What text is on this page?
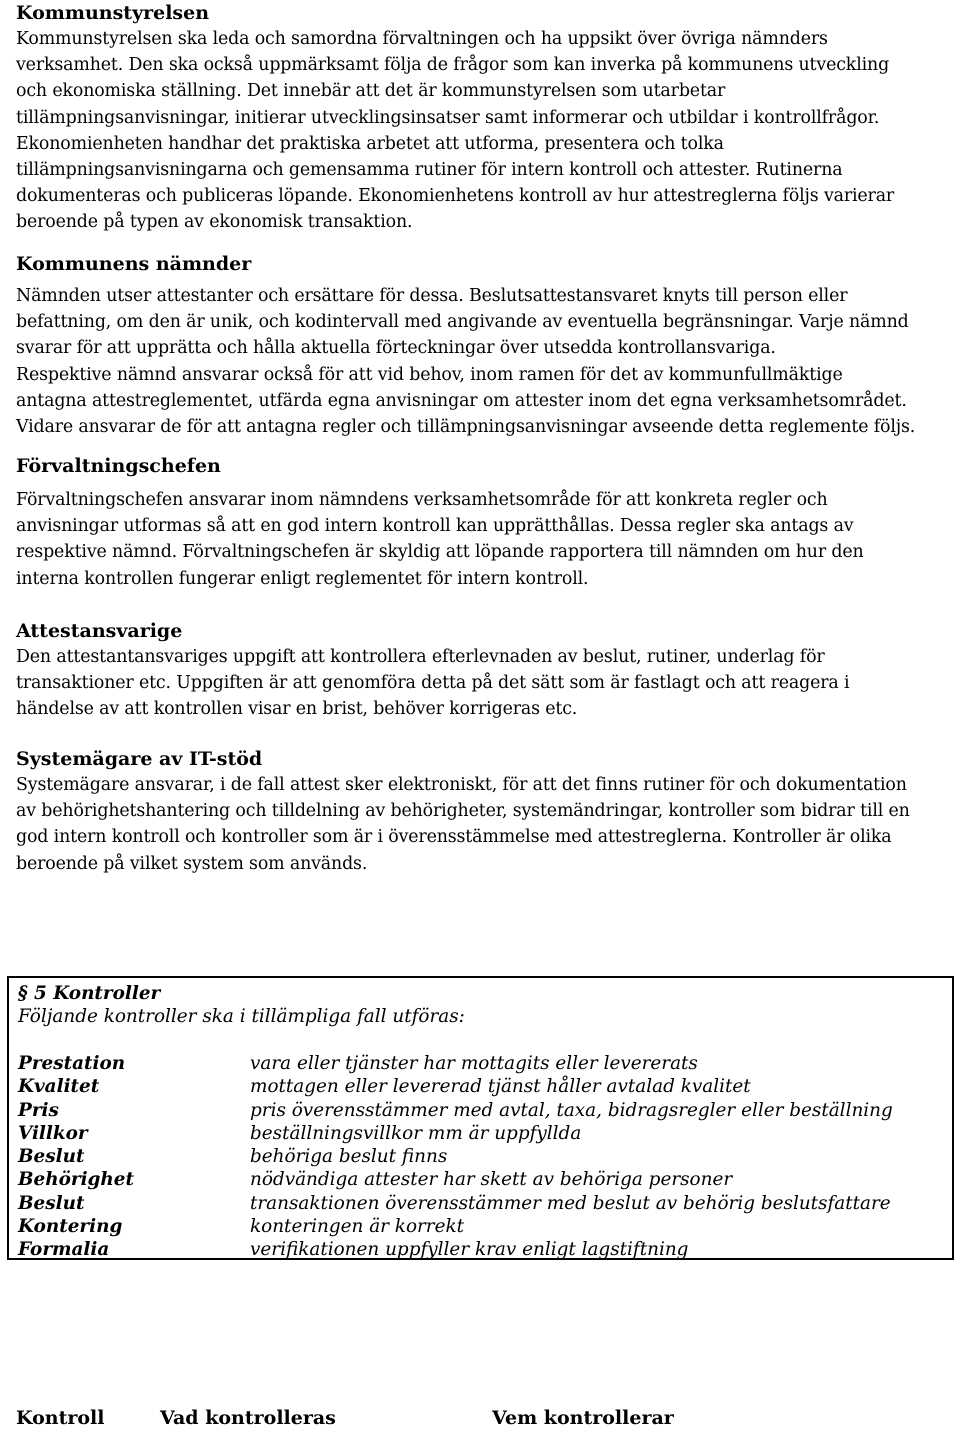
Kommunstyrelsen

Kommunstyrelsen ska leda och samordna förvaltningen och ha uppsikt över övriga nämnders
verksamhet. Den ska också uppmärksamt följa de frågor som kan inverka på kommunens utveckling
och ekonomiska ställning. Det innebär att det är kommunstyrelsen som utarbetar
tillämpningsanvisningar, initierar utvecklingsinsatser samt informerar och utbildar i kontrollfrågor.
Ekonomienheten handhar det praktiska arbetet att utforma, presentera och tolka
tillämpningsanvisningarna och gemensamma rutiner för intern kontroll och attester. Rutinerna
dokumenteras och publiceras löpande. Ekonomienhetens kontroll av hur attestreglerna följs varierar
beroende på typen av ekonomisk transaktion.

Kommunens nämnder

Nämnden utser attestanter och ersättare för dessa. Beslutsattestansvaret knyts till person eller
befattning, om den är unik, och kodintervall med angivande av eventuella begränsningar. Varje nämnd
svarar för att upprätta och hålla aktuella förteckningar över utsedda kontrollansvariga.
Respektive nämnd ansvarar också för att vid behov, inom ramen för det av kommunfullmäktige
antagna attestreglementet, utfärda egna anvisningar om attester inom det egna verksamhetsområdet.
Vidare ansvarar de för att antagna regler och tillämpningsanvisningar avseende detta reglemente följs.

Förvaltningschefen

Förvaltningschefen ansvarar inom nämndens verksamhetsområde för att konkreta regler och
anvisningar utformas så att en god intern kontroll kan upprätthållas. Dessa regler ska antags av
respektive nämnd. Förvaltningschefen är skyldig att löpande rapportera till nämnden om hur den
interna kontrollen fungerar enligt reglementet för intern kontroll.

Attestansvarige

Den attestantansvariges uppgift att kontrollera efterlevnaden av beslut, rutiner, underlag för
transaktioner etc. Uppgiften är att genomföra detta på det sätt som är fastlagt och att reagera i
händelse av att kontrollen visar en brist, behöver korrigeras etc.

Systemägare av IT-stöd

Systemägare ansvarar, i de fall attest sker elektroniskt, för att det finns rutiner för och dokumentation
av behörighetshantering och tilldelning av behörigheter, systemändringar, kontroller som bidrar till en
god intern kontroll och kontroller som är i överensstämmelse med attestreglerna. Kontroller är olika
beroende på vilket system som används.

§ 5 Kontroller
Följande kontroller ska i tillämpliga fall utföras:
Prestation	vara eller tjänster har mottagits eller levererats
Kvalitet	mottagen eller levererad tjänst håller avtalad kvalitet
Pris	pris överensstämmer med avtal, taxa, bidragsregler eller beställning
Villkor	beställningsvillkor mm är uppfyllda
Beslut	behöriga beslut finns
Behörighet	nödvändiga attester har skett av behöriga personer
Beslut	transaktionen överensstämmer med beslut av behörig beslutsfattare
Kontering	konteringen är korrekt
Formalia	verifikationen uppfyller krav enligt lagstiftning
Kontroll	Vad kontrolleras	Vem kontrollerar
